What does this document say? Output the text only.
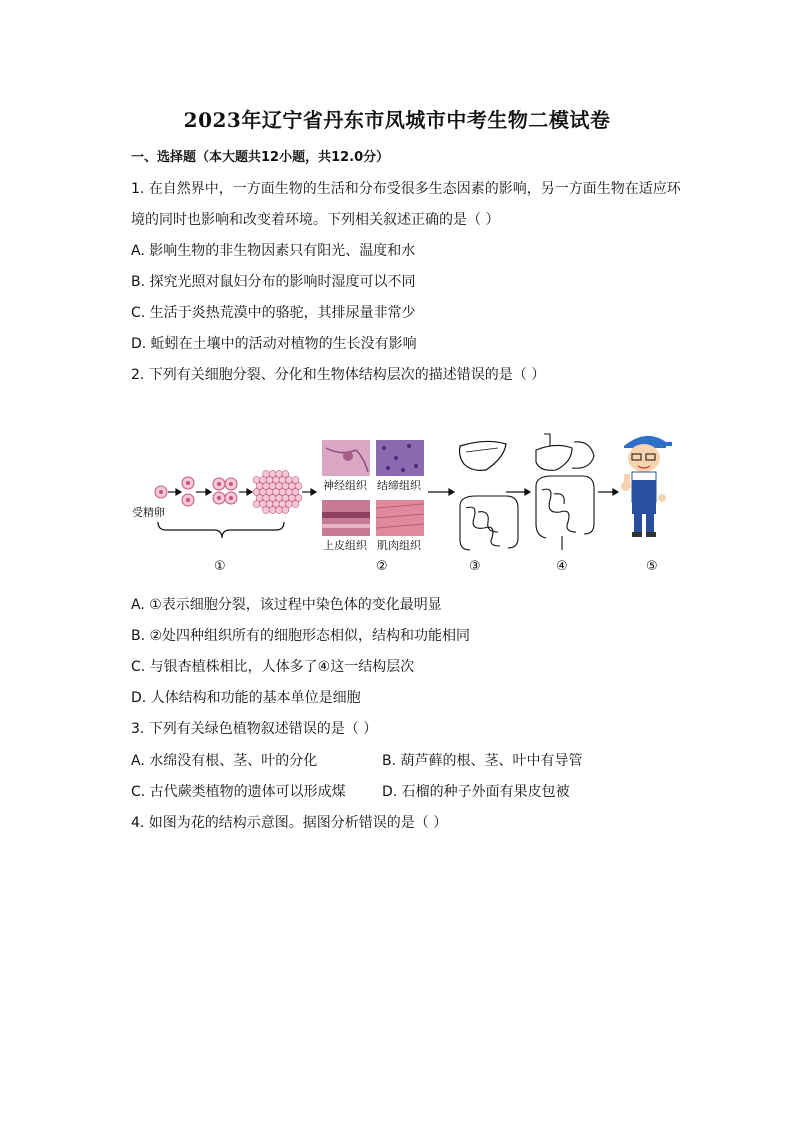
2023年辽宁省丹东市凤城市中考生物二模试卷
一、选择题（本大题共12小题，共12.0分）
1. 在自然界中，一方面生物的生活和分布受很多生态因素的影响，另一方面生物在适应环
境的同时也影响和改变着环境。下列相关叙述正确的是（ ）
A. 影响生物的非生物因素只有阳光、温度和水
B. 探究光照对鼠妇分布的影响时湿度可以不同
C. 生活于炎热荒漠中的骆驼，其排尿量非常少
D. 蚯蚓在土壤中的活动对植物的生长没有影响
2. 下列有关细胞分裂、分化和生物体结构层次的描述错误的是（ ）
受精卵
神经组织 结缔组织
上皮组织 肌肉组织
①	②	③	④	⑤
A. ①表示细胞分裂，该过程中染色体的变化最明显
B. ②处四种组织所有的细胞形态相似，结构和功能相同
C. 与银杏植株相比，人体多了④这一结构层次
D. 人体结构和功能的基本单位是细胞
3. 下列有关绿色植物叙述错误的是（ ）
A. 水绵没有根、茎、叶的分化	B. 葫芦藓的根、茎、叶中有导管
C. 古代蕨类植物的遗体可以形成煤	D. 石榴的种子外面有果皮包被
4. 如图为花的结构示意图。据图分析错误的是（ ）
